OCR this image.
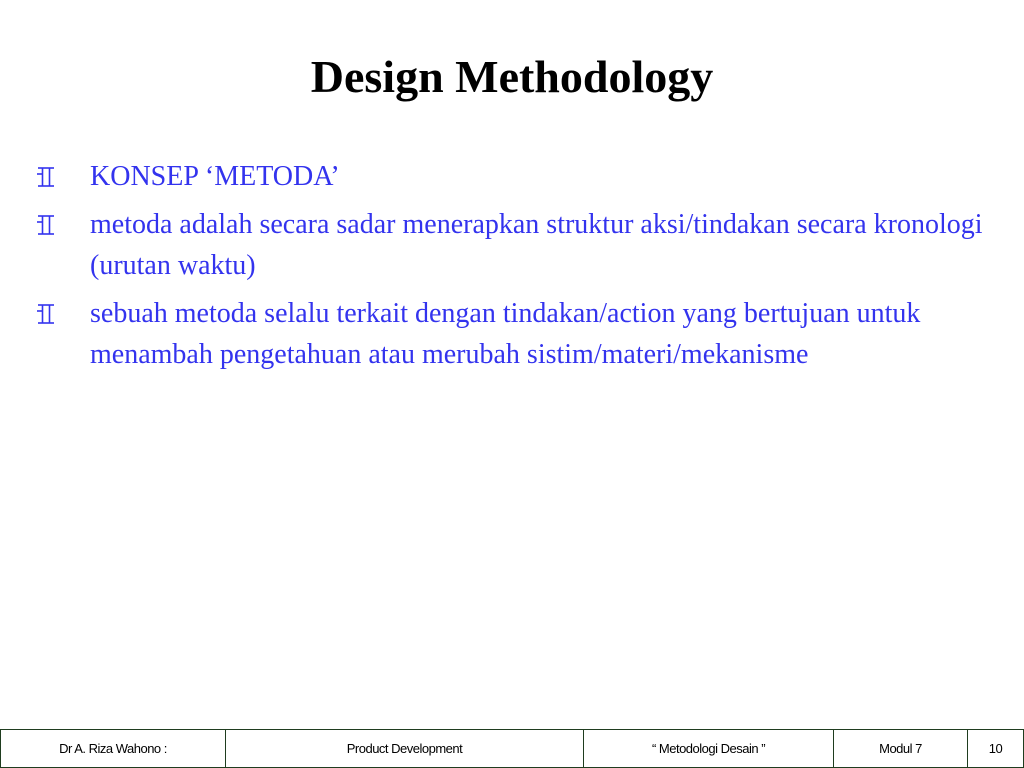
Design Methodology
KONSEP ‘METODA’
metoda adalah secara sadar menerapkan struktur aksi/tindakan secara kronologi (urutan waktu)
sebuah metoda selalu terkait dengan tindakan/action yang bertujuan untuk menambah pengetahuan atau merubah sistim/materi/mekanisme
Dr A. Riza Wahono :	Product Development	“ Metodologi Desain ”	Modul 7	10
